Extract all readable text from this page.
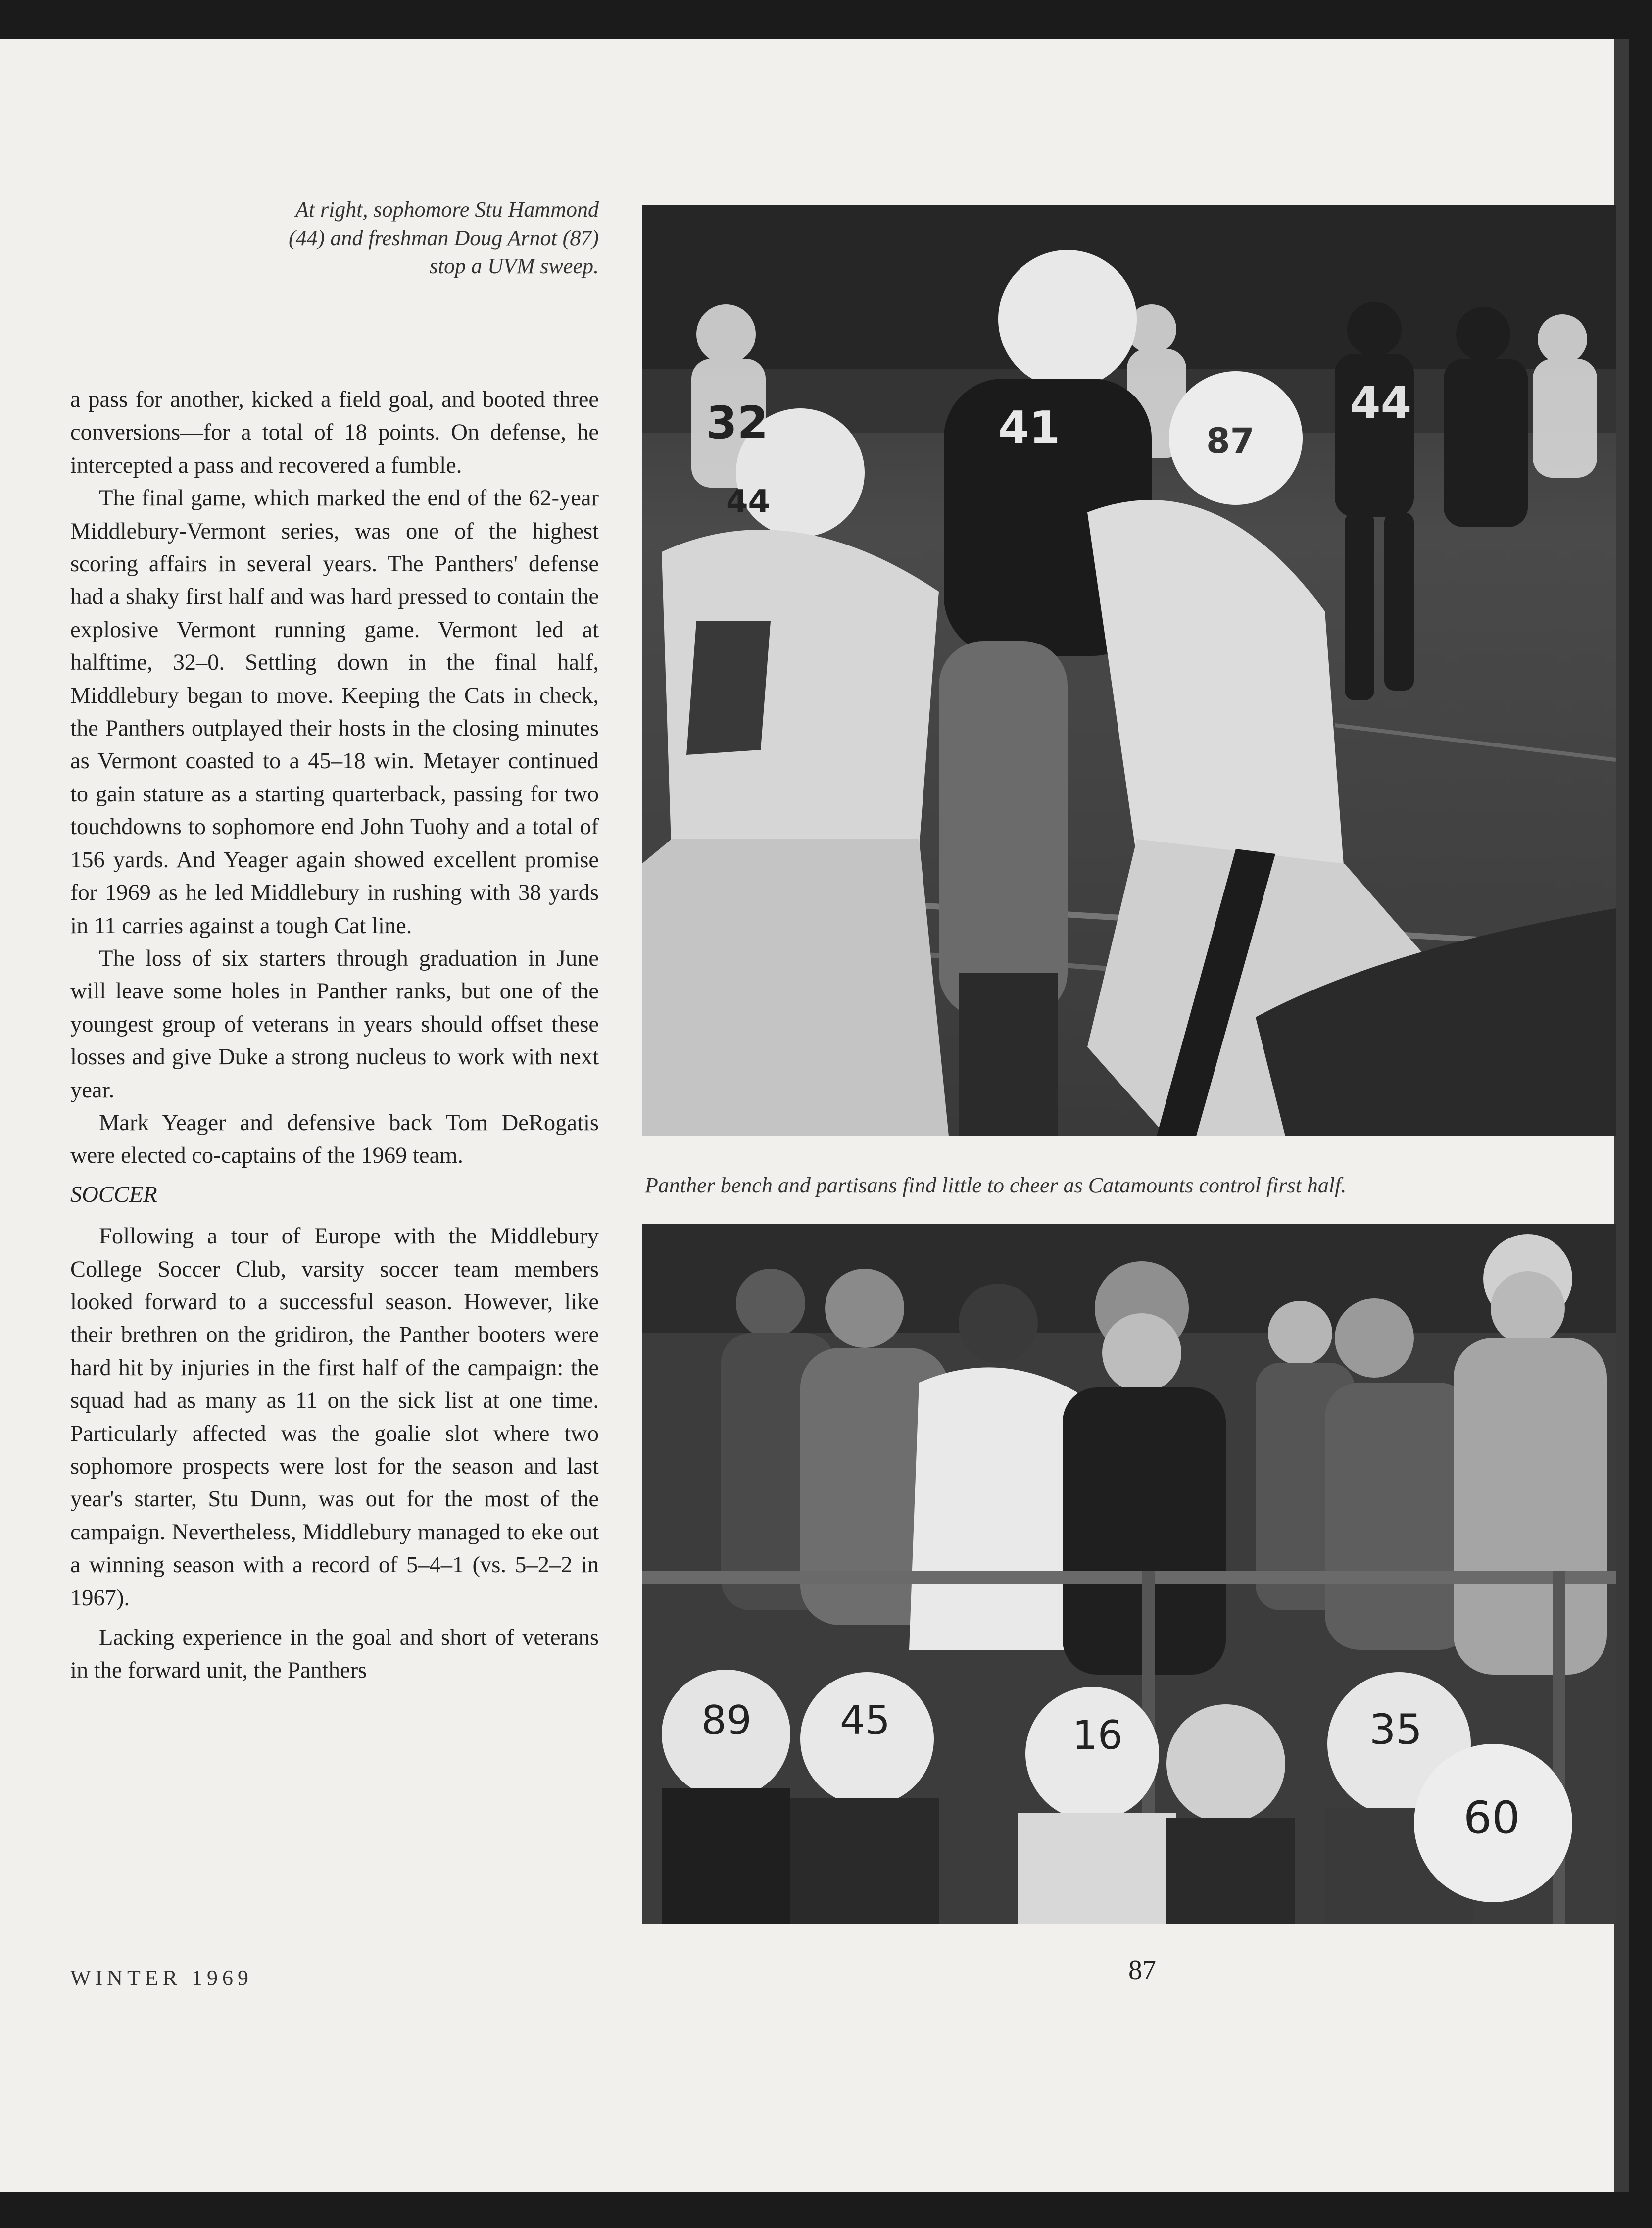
At right, sophomore Stu Hammond
(44) and freshman Doug Arnot (87)
stop a UVM sweep.

a pass for another, kicked a field goal, and booted three conversions—for a total of 18 points. On defense, he intercepted a pass and recovered a fumble.

The final game, which marked the end of the 62-year Middlebury-Vermont series, was one of the highest scoring affairs in several years. The Panthers' defense had a shaky first half and was hard pressed to contain the explosive Vermont running game. Vermont led at halftime, 32–0. Settling down in the final half, Middlebury began to move. Keeping the Cats in check, the Panthers outplayed their hosts in the closing minutes as Vermont coasted to a 45–18 win. Metayer continued to gain stature as a starting quarterback, passing for two touchdowns to sophomore end John Tuohy and a total of 156 yards. And Yeager again showed excellent promise for 1969 as he led Middlebury in rushing with 38 yards in 11 carries against a tough Cat line.

The loss of six starters through graduation in June will leave some holes in Panther ranks, but one of the youngest group of veterans in years should offset these losses and give Duke a strong nucleus to work with next year.

Mark Yeager and defensive back Tom DeRogatis were elected co-captains of the 1969 team.

SOCCER

Following a tour of Europe with the Middlebury College Soccer Club, varsity soccer team members looked forward to a successful season. However, like their brethren on the gridiron, the Panther booters were hard hit by injuries in the first half of the campaign: the squad had as many as 11 on the sick list at one time. Particularly affected was the goalie slot where two sophomore prospects were lost for the season and last year's starter, Stu Dunn, was out for the most of the campaign. Nevertheless, Middlebury managed to eke out a winning season with a record of 5–4–1 (vs. 5–2–2 in 1967).

Lacking experience in the goal and short of veterans in the forward unit, the Panthers

44
87
41	44
32
Panther bench and partisans find little to cheer as Catamounts control first half.
89 45	16	35
60
WINTER 1969	87
